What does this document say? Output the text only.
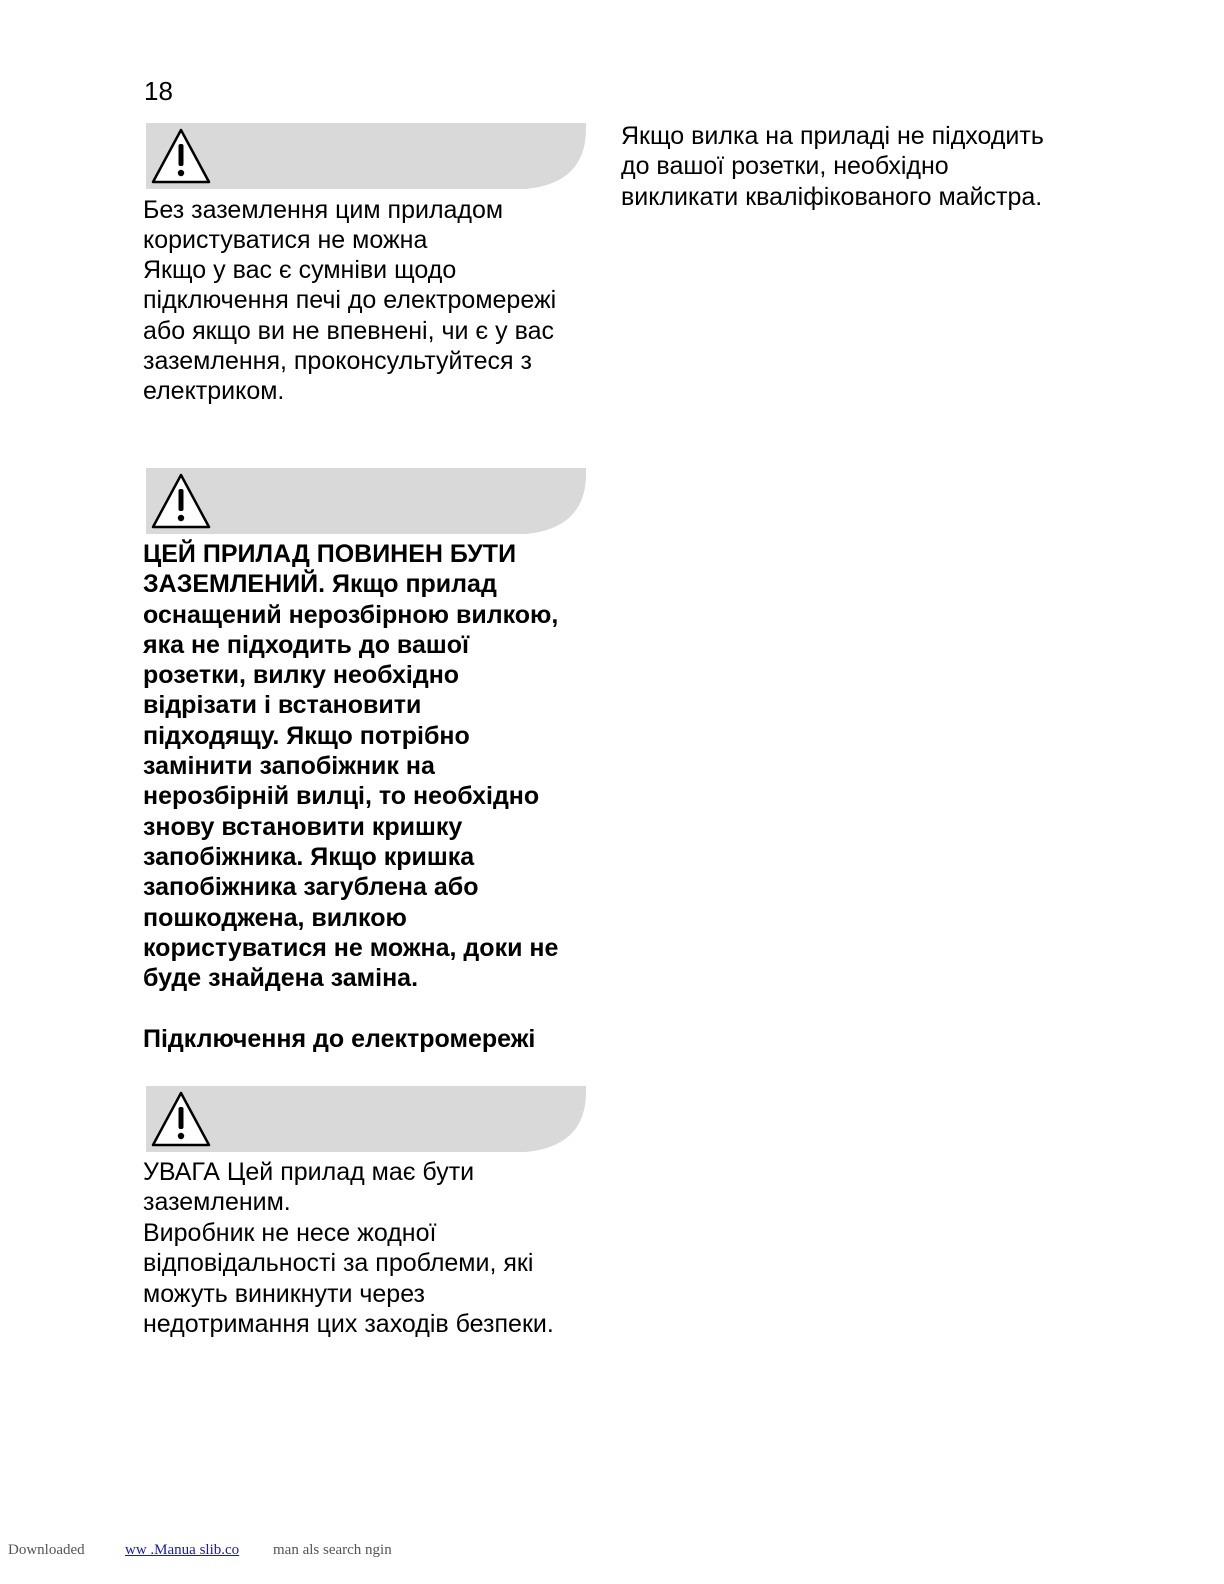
18
Без заземлення цим приладом
користуватися не можна
Якщо у вас є сумніви щодо
підключення печі до електромережі
або якщо ви не впевнені, чи є у вас
заземлення, проконсультуйтеся з
електриком.
ЦЕЙ ПРИЛАД ПОВИНЕН БУТИ
ЗАЗЕМЛЕНИЙ. Якщо прилад
оснащений нерозбірною вилкою,
яка не підходить до вашої
розетки, вилку необхідно
відрізати і встановити
підходящу. Якщо потрібно
замінити запобіжник на
нерозбірній вилці, то необхідно
знову встановити кришку
запобіжника. Якщо кришка
запобіжника загублена або
пошкоджена, вилкою
користуватися не можна, доки не
буде знайдена заміна.
Підключення до електромережі
УВАГА Цей прилад має бути
заземленим.
Виробник не несе жодної
відповідальності за проблеми, які
можуть виникнути через
недотримання цих заходів безпеки.
Якщо вилка на приладі не підходить
до вашої розетки, необхідно
викликати кваліфікованого майстра.
Downloaded	ww .Manua slib.co man als search ngin
